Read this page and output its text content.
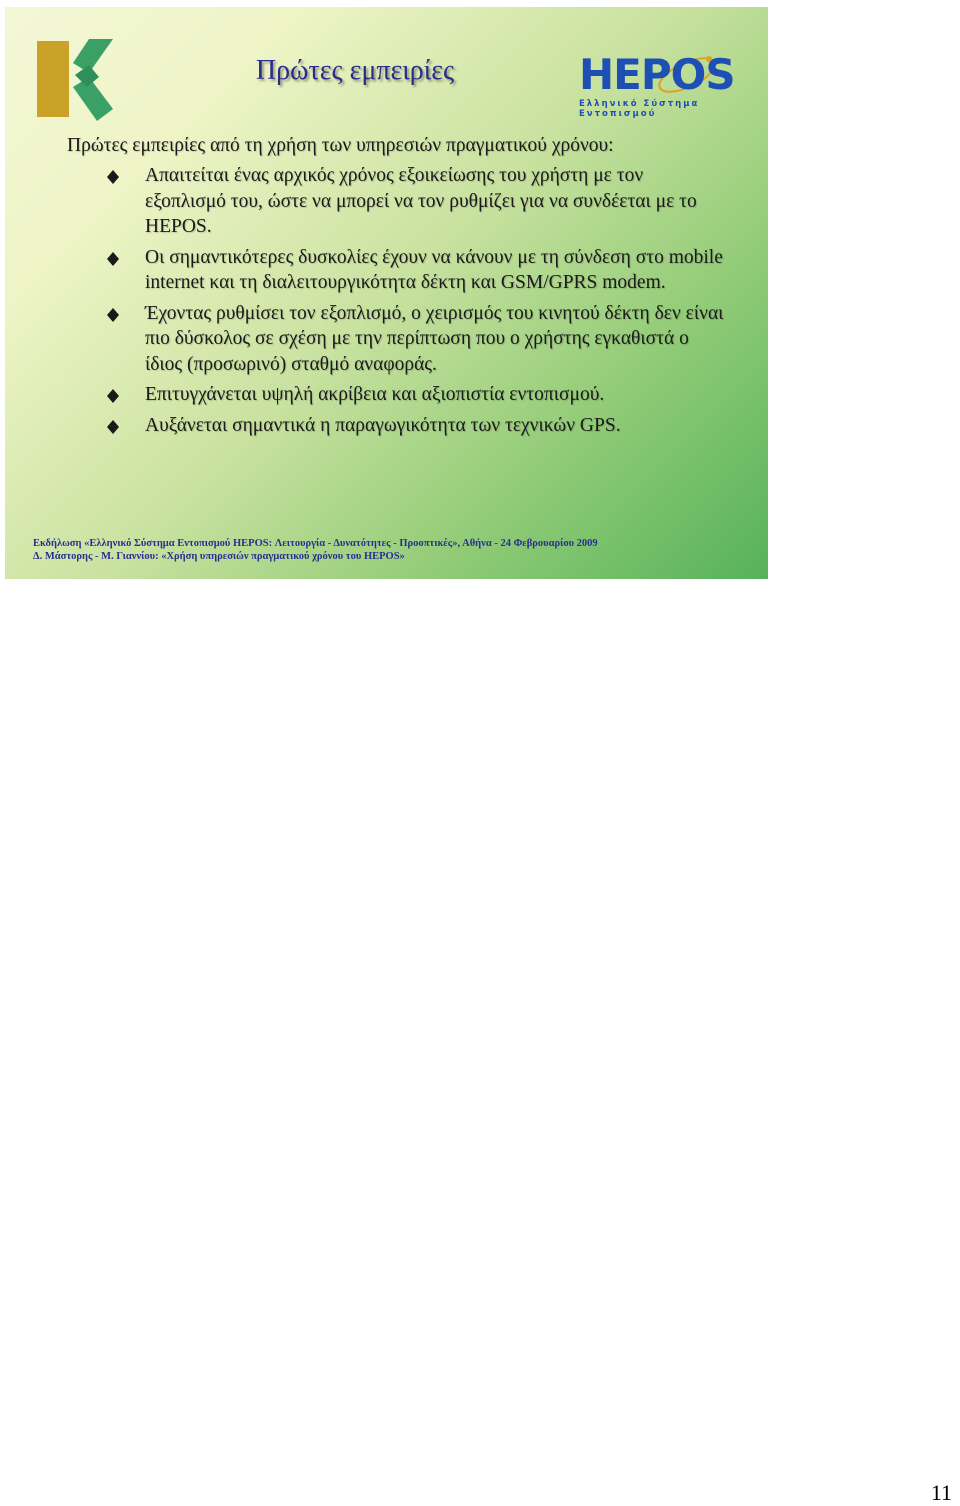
Πρώτες εμπειρίες	HEPOS
Ελληνικό Σύστημα Εντοπισμού
Πρώτες εμπειρίες από τη χρήση των υπηρεσιών πραγματικού χρόνου:
Απαιτείται ένας αρχικός χρόνος εξοικείωσης του χρήστη με τον εξοπλισμό του, ώστε να μπορεί να τον ρυθμίζει για να συνδέεται με το HEPOS.
Οι σημαντικότερες δυσκολίες έχουν να κάνουν με τη σύνδεση στο mobile internet και τη διαλειτουργικότητα δέκτη και GSM/GPRS modem.
Έχοντας ρυθμίσει τον εξοπλισμό, ο χειρισμός του κινητού δέκτη δεν είναι πιο δύσκολος σε σχέση με την περίπτωση που ο χρήστης εγκαθιστά ο ίδιος (προσωρινό) σταθμό αναφοράς.
Επιτυγχάνεται υψηλή ακρίβεια και αξιοπιστία εντοπισμού.
Αυξάνεται σημαντικά η παραγωγικότητα των τεχνικών GPS.
Εκδήλωση «Ελληνικό Σύστημα Εντοπισμού HEPOS: Λειτουργία - Δυνατότητες - Προοπτικές», Αθήνα - 24 Φεβρουαρίου 2009
Δ. Μάστορης - Μ. Γιαννίου: «Χρήση υπηρεσιών πραγματικού χρόνου του HEPOS»
11
